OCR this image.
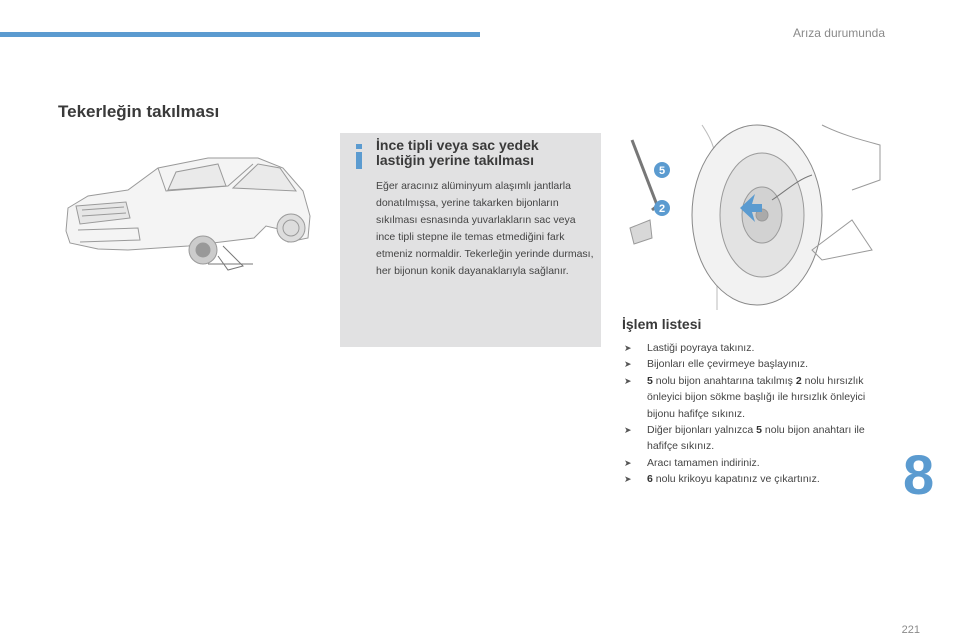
Arıza durumunda
Tekerleğin takılması
İnce tipli veya sac yedek lastiğin yerine takılması

Eğer aracınız alüminyum alaşımlı jantlarla donatılmışsa, yerine takarken bijonların sıkılması esnasında yuvarlakların sac veya ince tipli stepne ile temas etmediğini fark etmeniz normaldir. Tekerleğin yerinde durması, her bijonun konik dayanaklarıyla sağlanır.

5
2
İşlem listesi
➤ Lastiği poyraya takınız.
➤ Bijonları elle çevirmeye başlayınız.
➤ 5 nolu bijon anahtarına takılmış 2 nolu hırsızlık önleyici bijon sökme başlığı ile hırsızlık önleyici bijonu hafifçe sıkınız.
➤ Diğer bijonları yalnızca 5 nolu bijon anahtarı ile hafifçe sıkınız.
➤ Aracı tamamen indiriniz.
➤ 6 nolu krikoyu kapatınız ve çıkartınız.	8
221
